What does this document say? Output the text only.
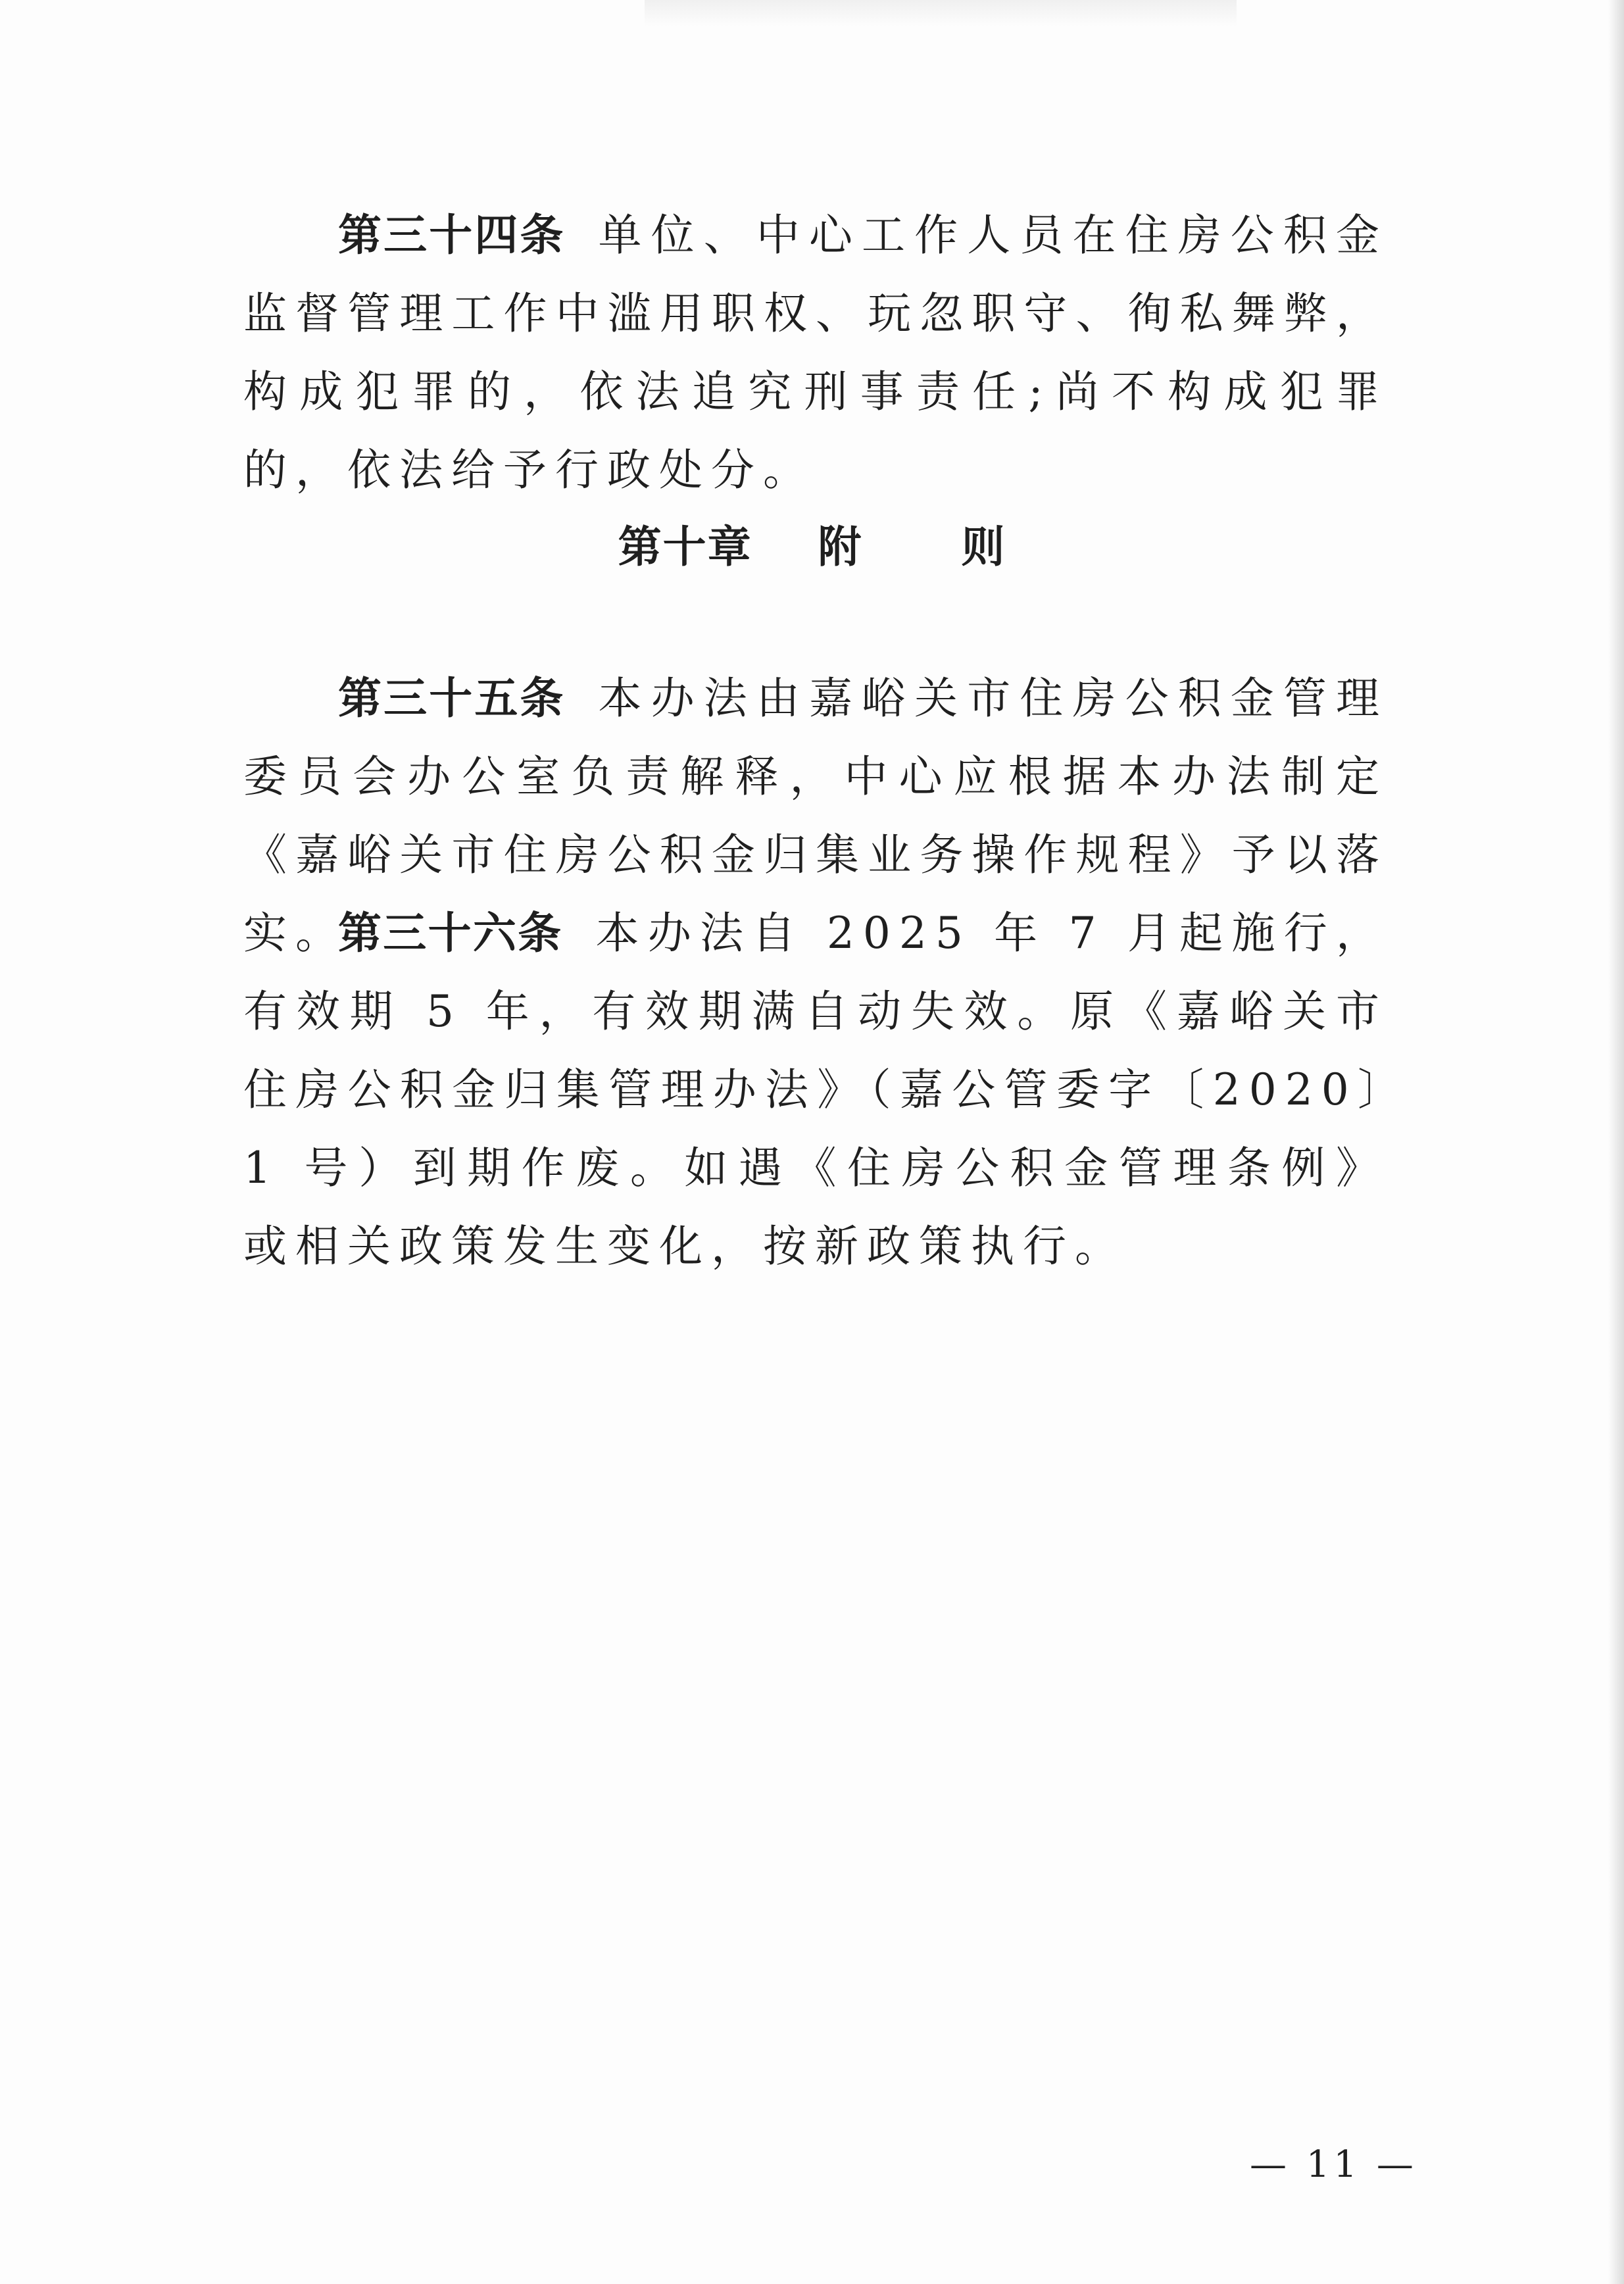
第三十四条 单位、中心工作人员在住房公积金监督管理工作中滥用职权、玩忽职守、徇私舞弊，构成犯罪的，依法追究刑事责任;尚不构成犯罪的，依法给予行政处分。

第十章    附      则

第三十五条 本办法由嘉峪关市住房公积金管理委员会办公室负责解释，中心应根据本办法制定《嘉峪关市住房公积金归集业务操作规程》予以落实。

第三十六条 本办法自 2025 年 7 月起施行，有效期 5 年，有效期满自动失效。原《嘉峪关市住房公积金归集管理办法》（嘉公管委字〔2020〕1 号）到期作废。如遇《住房公积金管理条例》或相关政策发生变化，按新政策执行。

— 11 —
